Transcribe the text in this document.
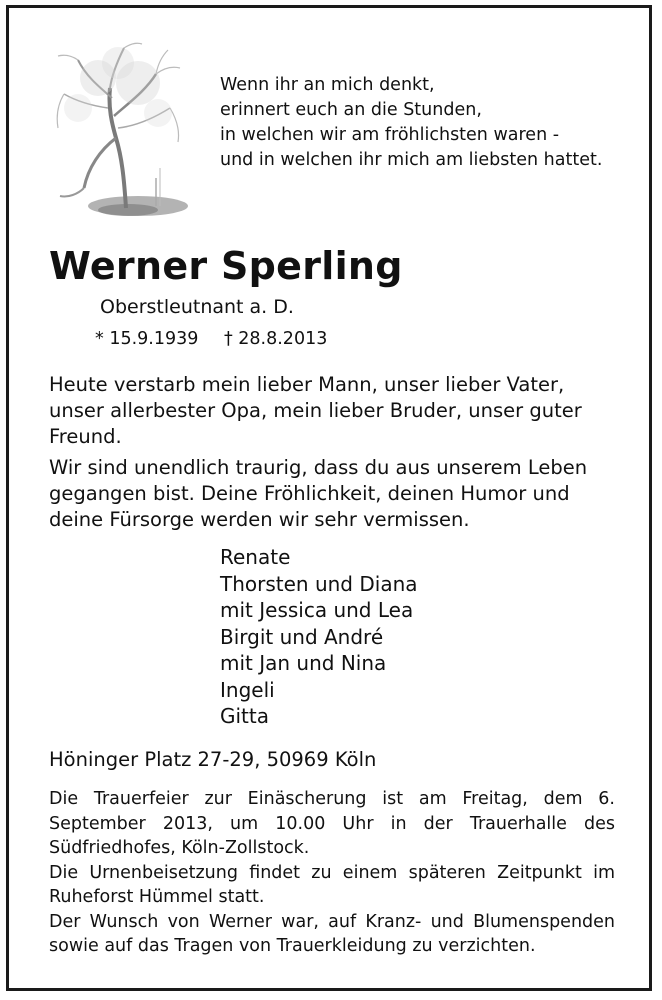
Wenn ihr an mich denkt,
erinnert euch an die Stunden,
in welchen wir am fröhlichsten waren -
und in welchen ihr mich am liebsten hattet.
Werner Sperling
Oberstleutnant a. D.
* 15.9.1939 † 28.8.2013

Heute verstarb mein lieber Mann, unser lieber Vater, unser allerbester Opa, mein lieber Bruder, unser guter Freund.

Wir sind unendlich traurig, dass du aus unserem Leben gegangen bist. Deine Fröhlichkeit, deinen Humor und deine Fürsorge werden wir sehr vermissen.

Renate
Thorsten und Diana
mit Jessica und Lea
Birgit und André
mit Jan und Nina
Ingeli
Gitta
Höninger Platz 27-29, 50969 Köln

Die Trauerfeier zur Einäscherung ist am Freitag, dem 6. September 2013, um 10.00 Uhr in der Trauerhalle des Südfriedhofes, Köln-Zollstock.

Die Urnenbeisetzung findet zu einem späteren Zeitpunkt im Ruheforst Hümmel statt.

Der Wunsch von Werner war, auf Kranz- und Blumenspenden sowie auf das Tragen von Trauerkleidung zu verzichten.
